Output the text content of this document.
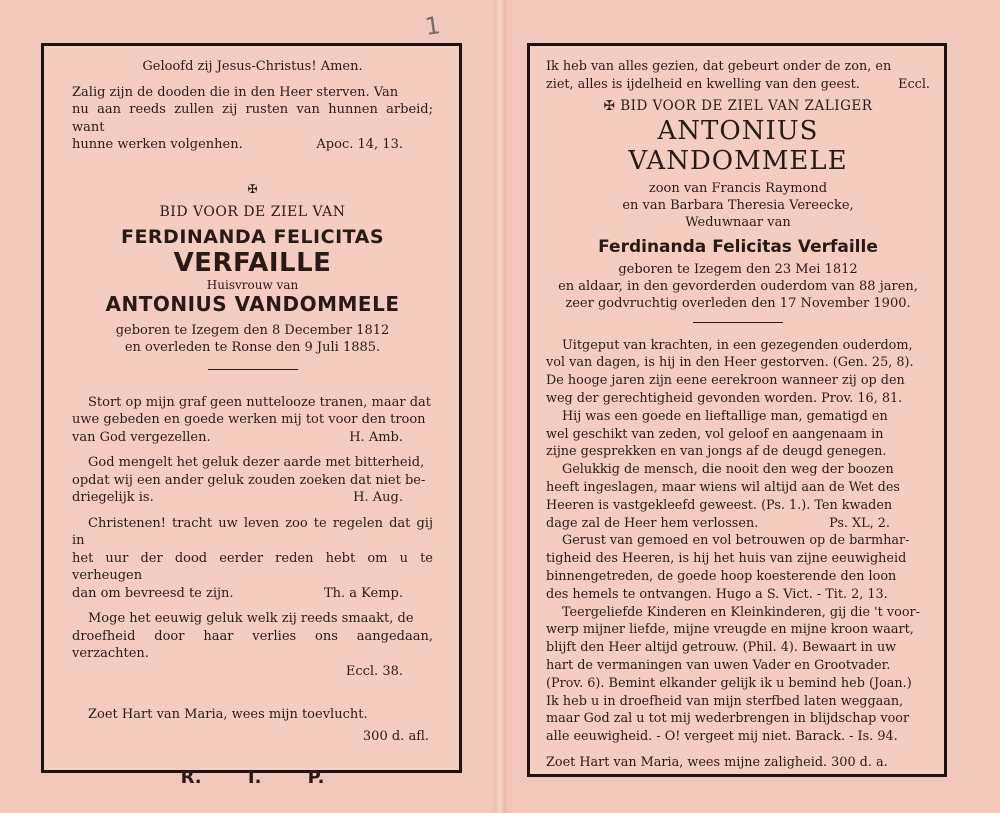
1
Geloofd zij Jesus-Christus! Amen.
Zalig zijn de dooden die in den Heer sterven. Van
nu aan reeds zullen zij rusten van hunnen arbeid; want
hunne werken volgenhen.	Apoc. 14, 13.
✠
BID VOOR DE ZIEL VAN
FERDINANDA FELICITAS
VERFAILLE
Huisvrouw van
ANTONIUS VANDOMMELE
geboren te Izegem den 8 December 1812
en overleden te Ronse den 9 Juli 1885.
Stort op mijn graf geen nuttelooze tranen, maar dat
uwe gebeden en goede werken mij tot voor den troon
van God vergezellen.	H. Amb.
God mengelt het geluk dezer aarde met bitterheid,
opdat wij een ander geluk zouden zoeken dat niet be-
driegelijk is.	H. Aug.
Christenen! tracht uw leven zoo te regelen dat gij in
het uur der dood eerder reden hebt om u te verheugen
dan om bevreesd te zijn.	Th. a Kemp.
Moge het eeuwig geluk welk zij reeds smaakt, de
droefheid door haar verlies ons aangedaan, verzachten.
Eccl. 38.
Zoet Hart van Maria, wees mijn toevlucht.
300 d. afl.
R. I. P.
Ik heb van alles gezien, dat gebeurt onder de zon, en
ziet, alles is ijdelheid en kwelling van den geest.	Eccl.
✠ BID VOOR DE ZIEL VAN ZALIGER
ANTONIUS VANDOMMELE
zoon van Francis Raymond
en van Barbara Theresia Vereecke,
Weduwnaar van
Ferdinanda Felicitas Verfaille
geboren te Izegem den 23 Mei 1812
en aldaar, in den gevorderden ouderdom van 88 jaren,
zeer godvruchtig overleden den 17 November 1900.
Uitgeput van krachten, in een gezegenden ouderdom,
vol van dagen, is hij in den Heer gestorven. (Gen. 25, 8).
De hooge jaren zijn eene eerekroon wanneer zij op den
weg der gerechtigheid gevonden worden. Prov. 16, 81.
Hij was een goede en lieftallige man, gematigd en
wel geschikt van zeden, vol geloof en aangenaam in
zijne gesprekken en van jongs af de deugd genegen.
Gelukkig de mensch, die nooit den weg der boozen
heeft ingeslagen, maar wiens wil altijd aan de Wet des
Heeren is vastgekleefd geweest. (Ps. 1.). Ten kwaden
dage zal de Heer hem verlossen.	Ps. XL, 2.
Gerust van gemoed en vol betrouwen op de barmhar-
tigheid des Heeren, is hij het huis van zijne eeuwigheid
binnengetreden, de goede hoop koesterende den loon
des hemels te ontvangen. Hugo a S. Vict. - Tit. 2, 13.
Teergeliefde Kinderen en Kleinkinderen, gij die 't voor-
werp mijner liefde, mijne vreugde en mijne kroon waart,
blijft den Heer altijd getrouw. (Phil. 4). Bewaart in uw
hart de vermaningen van uwen Vader en Grootvader.
(Prov. 6). Bemint elkander gelijk ik u bemind heb (Joan.)
Ik heb u in droefheid van mijn sterfbed laten weggaan,
maar God zal u tot mij wederbrengen in blijdschap voor
alle eeuwigheid. - O! vergeet mij niet. Barack. - Is. 94.
Zoet Hart van Maria, wees mijne zaligheid. 300 d. a.
